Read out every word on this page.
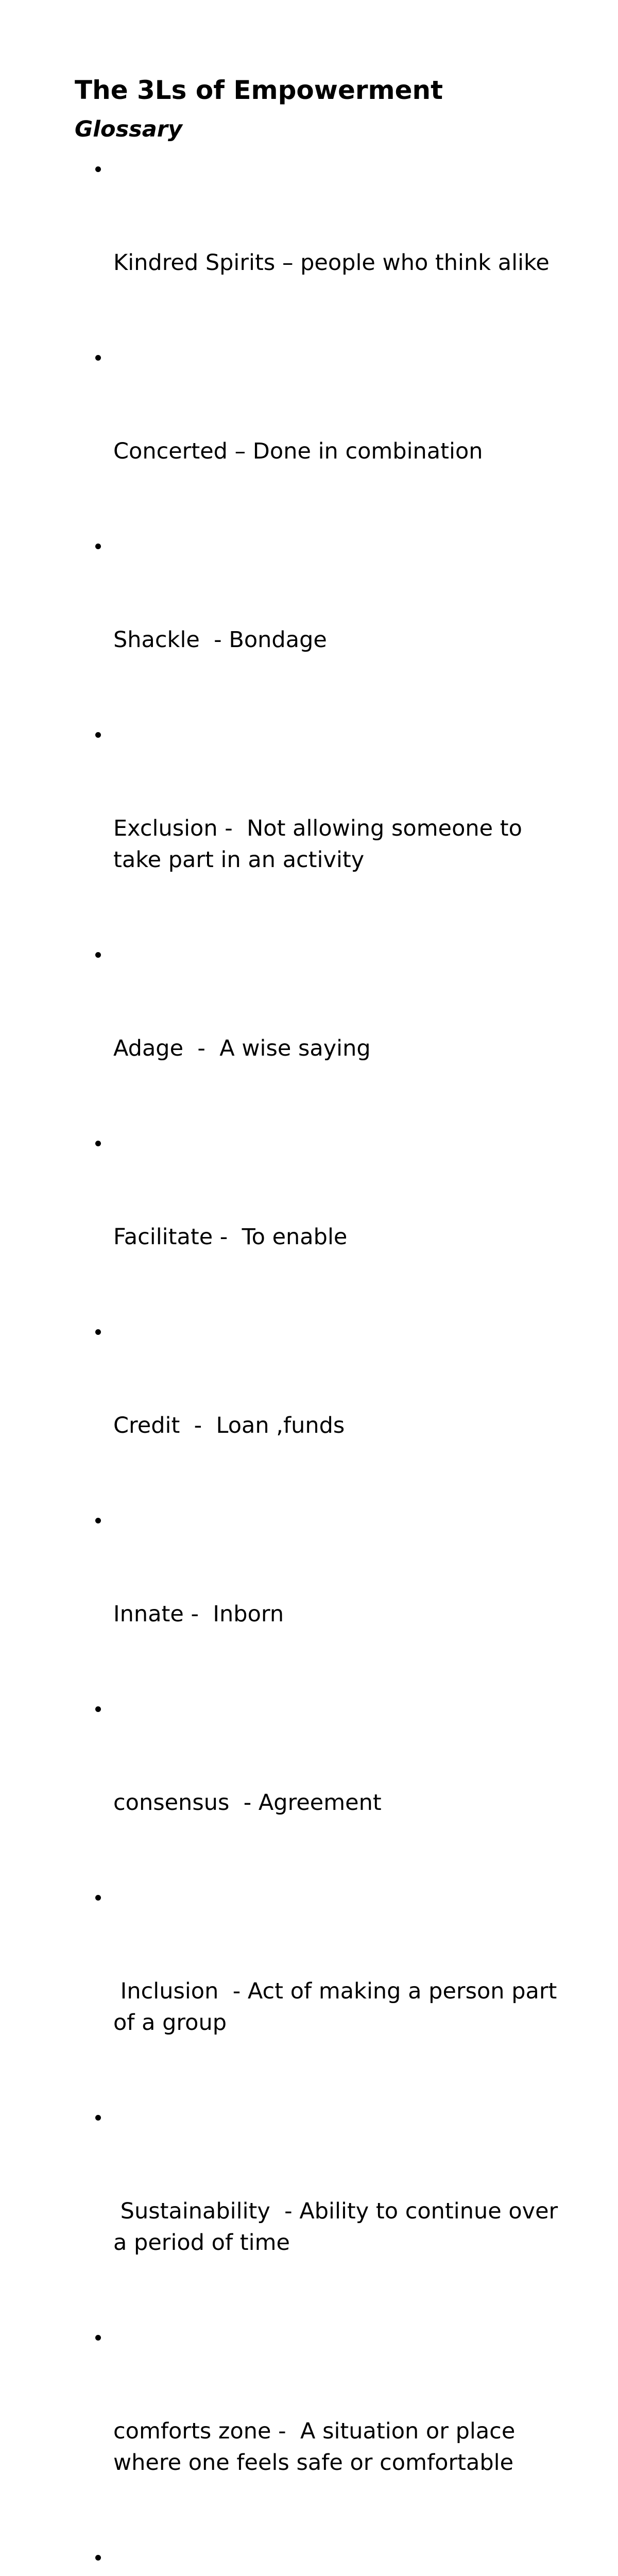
The 3Ls of Empowerment
Glossary

Kindred Spirits – people who think alike

Concerted – Done in combination

Shackle  - Bondage

Exclusion -  Not allowing someone to take part in an activity

Adage  -  A wise saying

Facilitate -  To enable

Credit  -  Loan ,funds

Innate -  Inborn

consensus  - Agreement

Inclusion  - Act of making a person part of a group

Sustainability  - Ability to continue over a period of time

comforts zone -  A situation or place where one feels safe or comfortable
